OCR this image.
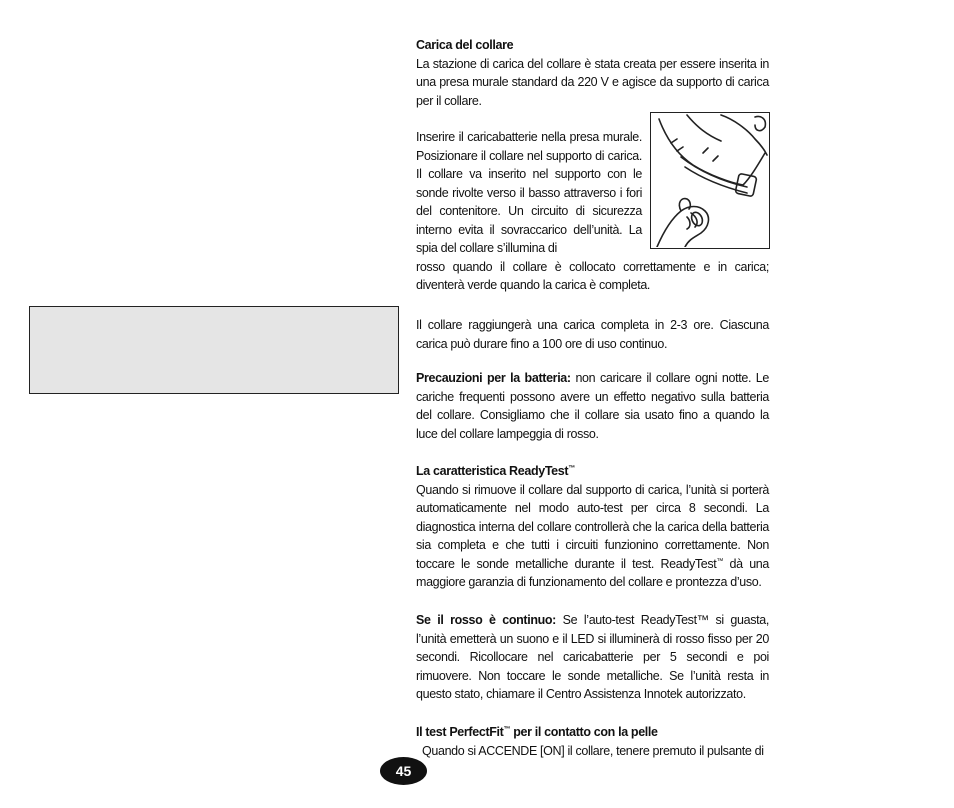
Carica del collare

La stazione di carica del collare è stata creata per essere inserita in una presa murale standard da 220 V e agisce da supporto di carica per il collare.

Inserire il caricabatterie nella presa murale. Posizionare il collare nel supporto di carica. Il collare va inserito nel supporto con le sonde rivolte verso il basso attraverso i fori del contenitore. Un circuito di sicurezza interno evita il sovraccarico dell’unità. La spia del collare s’illumina di

rosso quando il collare è collocato correttamente e in carica; diventerà verde quando la carica è completa.

Il collare raggiungerà una carica completa in 2-3 ore. Ciascuna carica può durare fino a 100 ore di uso continuo.

Precauzioni per la batteria: non caricare il collare ogni notte. Le cariche frequenti possono avere un effetto negativo sulla batteria del collare. Consigliamo che il collare sia usato fino a quando la luce del collare lampeggia di rosso.

La caratteristica ReadyTest™

Quando si rimuove il collare dal supporto di carica, l’unità si porterà automaticamente nel modo auto-test per circa 8 secondi. La diagnostica interna del collare controllerà che la carica della batteria sia completa e che tutti i circuiti funzionino correttamente. Non toccare le sonde metalliche durante il test. ReadyTest™ dà una maggiore garanzia di funzionamento del collare e prontezza d’uso.

Se il rosso è continuo: Se l’auto-test ReadyTest™ si guasta, l’unità emetterà un suono e il LED si illuminerà di rosso fisso per 20 secondi. Ricollocare nel caricabatterie per 5 secondi e poi rimuovere. Non toccare le sonde metalliche. Se l’unità resta in questo stato, chiamare il Centro Assistenza Innotek autorizzato.

Il test PerfectFit™ per il contatto con la pelle

Quando si ACCENDE [ON] il collare, tenere premuto il pulsante di

45
